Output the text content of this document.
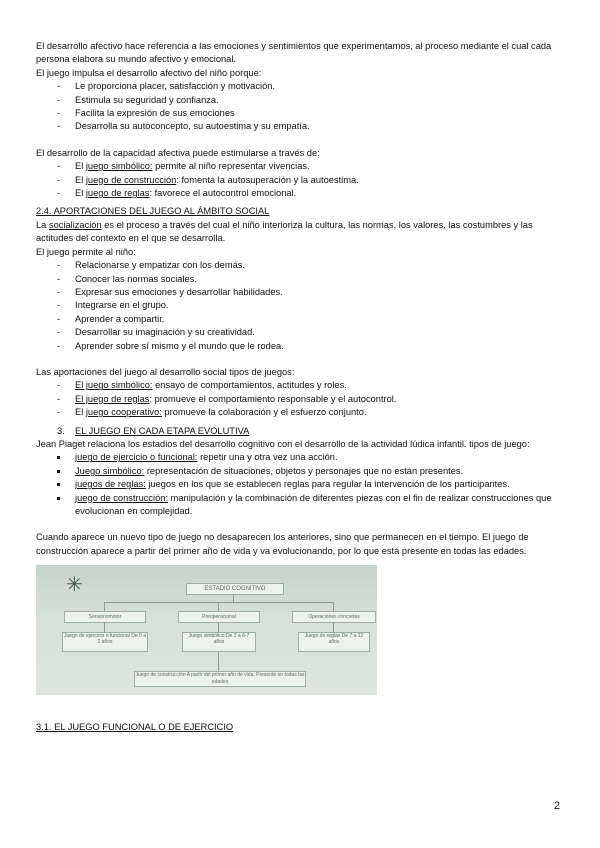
El desarrollo afectivo hace referencia a las emociones y sentimientos que experimentamos, al proceso mediante el cual cada persona elabora su mundo afectivo y emocional.

El juego impulsa el desarrollo afectivo del niño porque:

- Le proporciona placer, satisfacción y motivación.
- Estimula su seguridad y confianza.
- Facilita la expresión de sus emociones
- Desarrolla su autoconcepto, su autoestima y su empatía.

El desarrollo de la capacidad afectiva puede estimularse a través de:

- El juego simbólico: permite al niño representar vivencias.
- El juego de construcción: fomenta la autosuperación y la autoestima.
- El juego de reglas: favorece el autocontrol emocional.
2.4. APORTACIONES DEL JUEGO AL ÁMBITO SOCIAL

La socialización es el proceso a través del cual el niño interioriza la cultura, las normas, los valores, las costumbres y las actitudes del contexto en el que se desarrolla.

El juego permite al niño:

- Relacionarse y empatizar con los demás.
- Conocer las normas sociales.
- Expresar sus emociones y desarrollar habilidades.
- Integrarse en el grupo.
- Aprender a compartir.
- Desarrollar su imaginación y su creatividad.
- Aprender sobre sí mismo y el mundo que le rodea.

Las aportaciones del juego al desarrollo social tipos de juegos:

- El juego simbólico: ensayo de comportamientos, actitudes y roles.
- El juego de reglas: promueve el comportamiento responsable y el autocontrol.
- El juego cooperativo: promueve la colaboración y el esfuerzo conjunto.

3. EL JUEGO EN CADA ETAPA EVOLUTIVA

Jean Piaget relaciona los estadios del desarrollo cognitivo con el desarrollo de la actividad lúdica infantil. tipos de juego:

juego de ejercicio o funcional: repetir una y otra vez una acción.
Juego simbólico: representación de situaciones, objetos y personajes que no están presentes.
juegos de reglas: juegos en los que se establecen reglas para regular la intervención de los participantes.
juego de construcción: manipulación y la combinación de diferentes piezas con el fin de realizar construcciones que evolucionan en complejidad.

Cuando aparece un nuevo tipo de juego no desaparecen los anteriores, sino que permanecen en el tiempo. El juego de construcción aparece a partir del primer año de vida y va evolucionando, por lo que está presente en todas las edades.

✳	ESTADIO COGNITIVO
Sensoriomotor	Preoperacional	Operaciones concretas
Juego de ejercicio o funcional De 0 a 2 años
Juego simbólico De 2 a 6-7 años
Juego de reglas De 7 a 12 años
Juego de construcción A partir del primer año de vida. Presente en todas las edades
3.1. EL JUEGO FUNCIONAL O DE EJERCICIO
2
